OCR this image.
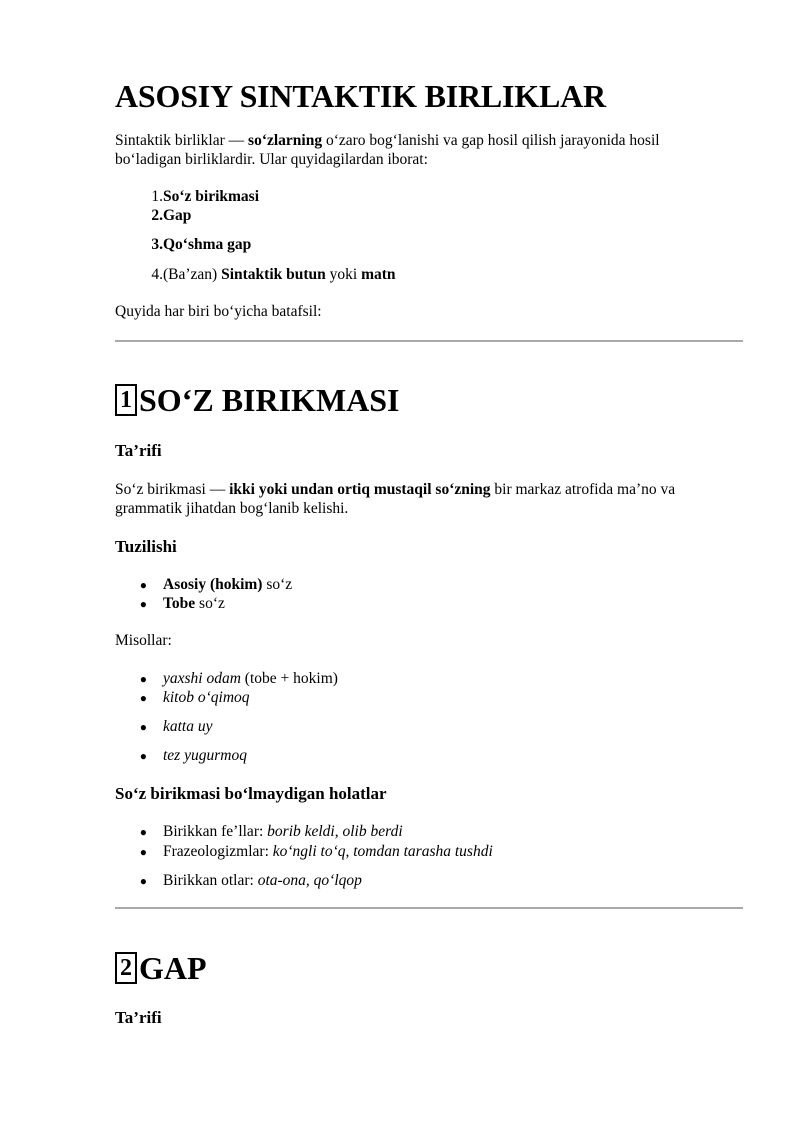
ASOSIY SINTAKTIK BIRLIKLAR

Sintaktik birliklar — so‘zlarning o‘zaro bog‘lanishi va gap hosil qilish jarayonida hosil
bo‘ladigan birliklardir. Ular quyidagilardan iborat:

1.So‘z birikmasi
2.Gap
3.Qo‘shma gap
4.(Ba’zan) Sintaktik butun yoki matn

Quyida har biri bo‘yicha batafsil:

1 SO‘Z BIRIKMASI
Ta’rifi

So‘z birikmasi — ikki yoki undan ortiq mustaqil so‘zning bir markaz atrofida ma’no va
grammatik jihatdan bog‘lanib kelishi.

Tuzilishi
● Asosiy (hokim) so‘z
● Tobe so‘z

Misollar:

● yaxshi odam (tobe + hokim)
● kitob o‘qimoq
● katta uy
● tez yugurmoq
So‘z birikmasi bo‘lmaydigan holatlar
● Birikkan fe’llar: borib keldi, olib berdi
● Frazeologizmlar: ko‘ngli to‘q, tomdan tarasha tushdi
● Birikkan otlar: ota-ona, qo‘lqop
2 GAP
Ta’rifi
